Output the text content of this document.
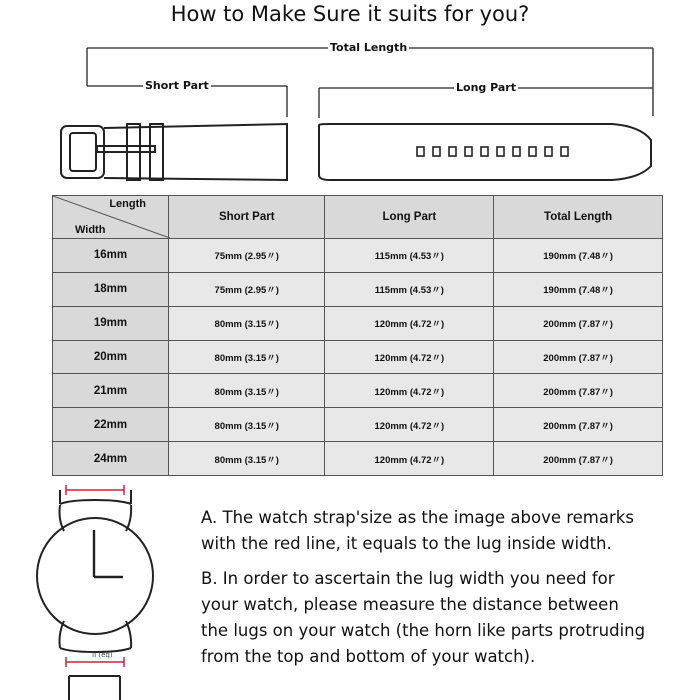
How to Make Sure it suits for you?
Total Length
Short Part	Long Part
Length
Width	Short Part	Long Part	Total Length
16mm	75mm (2.95〃)	115mm (4.53〃)	190mm (7.48〃)
18mm	75mm (2.95〃)	115mm (4.53〃)	190mm (7.48〃)
19mm	80mm (3.15〃)	120mm (4.72〃)	200mm (7.87〃)
20mm	80mm (3.15〃)	120mm (4.72〃)	200mm (7.87〃)
21mm	80mm (3.15〃)	120mm (4.72〃)	200mm (7.87〃)
22mm	80mm (3.15〃)	120mm (4.72〃)	200mm (7.87〃)
24mm	80mm (3.15〃)	120mm (4.72〃)	200mm (7.87〃)
II (eq)
A. The watch strap'size as the image above remarks
with the red line, it equals to the lug inside width.
B. In order to ascertain the lug width you need for
your watch, please measure the distance between
the lugs on your watch (the horn like parts protruding
from the top and bottom of your watch).
